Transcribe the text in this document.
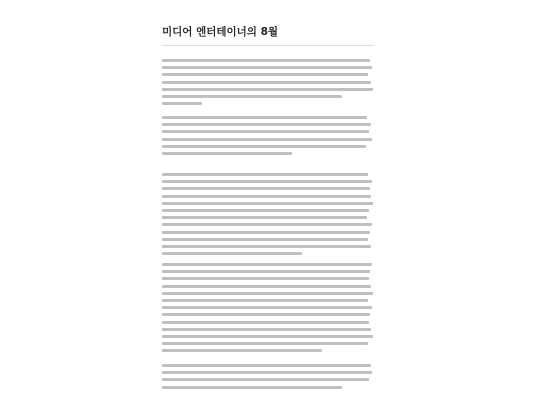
미디어 엔터테이너의 8월
